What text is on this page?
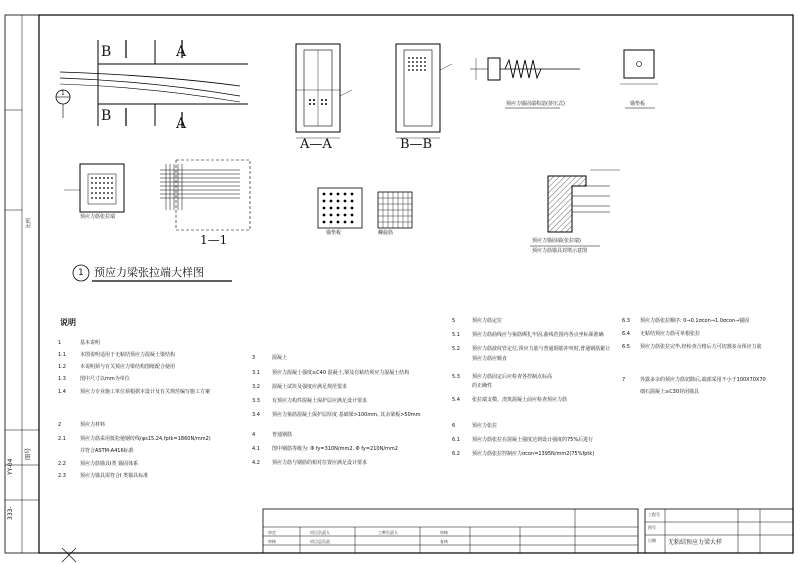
B
B
A
A
1
A—A	B—B
1—1
预应力锚固端构造(挤压式)	锚垫板
锚垫板	螺旋筋
预应力筋张拉端
预应力锚固端(张拉端)
预应力筋锚具封堵示意图
1 预应力梁张拉端大样图
说明
1	基本说明
1.1	本图说明适用于无粘结预应力混凝土梁结构
1.2	本说明须与有关预应力梁结构图纸配合使用
1.3	图中尺寸以mm为单位
1.4	预应力专业施工单位须根据本设计及有关规范编写施工方案
2	预应力材料
2.1	预应力筋采用低松弛钢绞线(φs15.24,fptk=1860N/mm2)
并符合ASTM-A416标准
2.2	预应力筋锚具I类 锚固体系
2.3	预应力锚具需符合I 类锚具标准
3	混凝土
3.1 预应力混凝土强度≥C40 混凝土,梁及有粘结预应力混凝土结构
3.2 混凝土试块及强度应满足规范要求
3.3 有预应力构件混凝土保护层应满足设计要求
3.4 预应力箍筋混凝土保护层厚度 基础梁>100mm, 其余梁板>50mm
4	普通钢筋
4.1 图中钢筋等级为: Φ fy=310N/mm2, Φ fy=210N/mm2
4.2 预应力筋与钢筋的相对位置应满足设计要求
5	预应力筋定位
5.1 预应力筋曲线应与箍筋绑扎牢固,曲线范围内各点坐标须准确
5.2 预应力筋波纹管定位,预应力筋与普通钢筋冲突时,普通钢筋避让
预应力筋应顺直
5.3 预应力筋固定后应检查各控制点标高
的正确性
5.4 张拉端支模、浇筑混凝土前应检查预应力筋
6	预应力张拉
6.1 预应力筋张拉在混凝土强度达到设计强度的75%后进行
6.2 预应力筋张拉控制应力σcon=1395N/mm2(75%fptk)
6.3 预应力筋张拉顺序: 0→0.1σcon→1.0σcon→锚固
6.4 无粘结预应力筋可单根张拉
6.5 预应力筋张拉完毕,经检查合格后方可切割多余预应力筋
7	外露多余的预应力筋切除后,端部采用不小于100X70X70
细石混凝土≥C30封闭锚具
YY-04
图号
比例
333-
审定	项目负责人	工种负责人	审核
审核	项目总负责	复核
工程号
图号
日期 无粘结预应力梁大样
